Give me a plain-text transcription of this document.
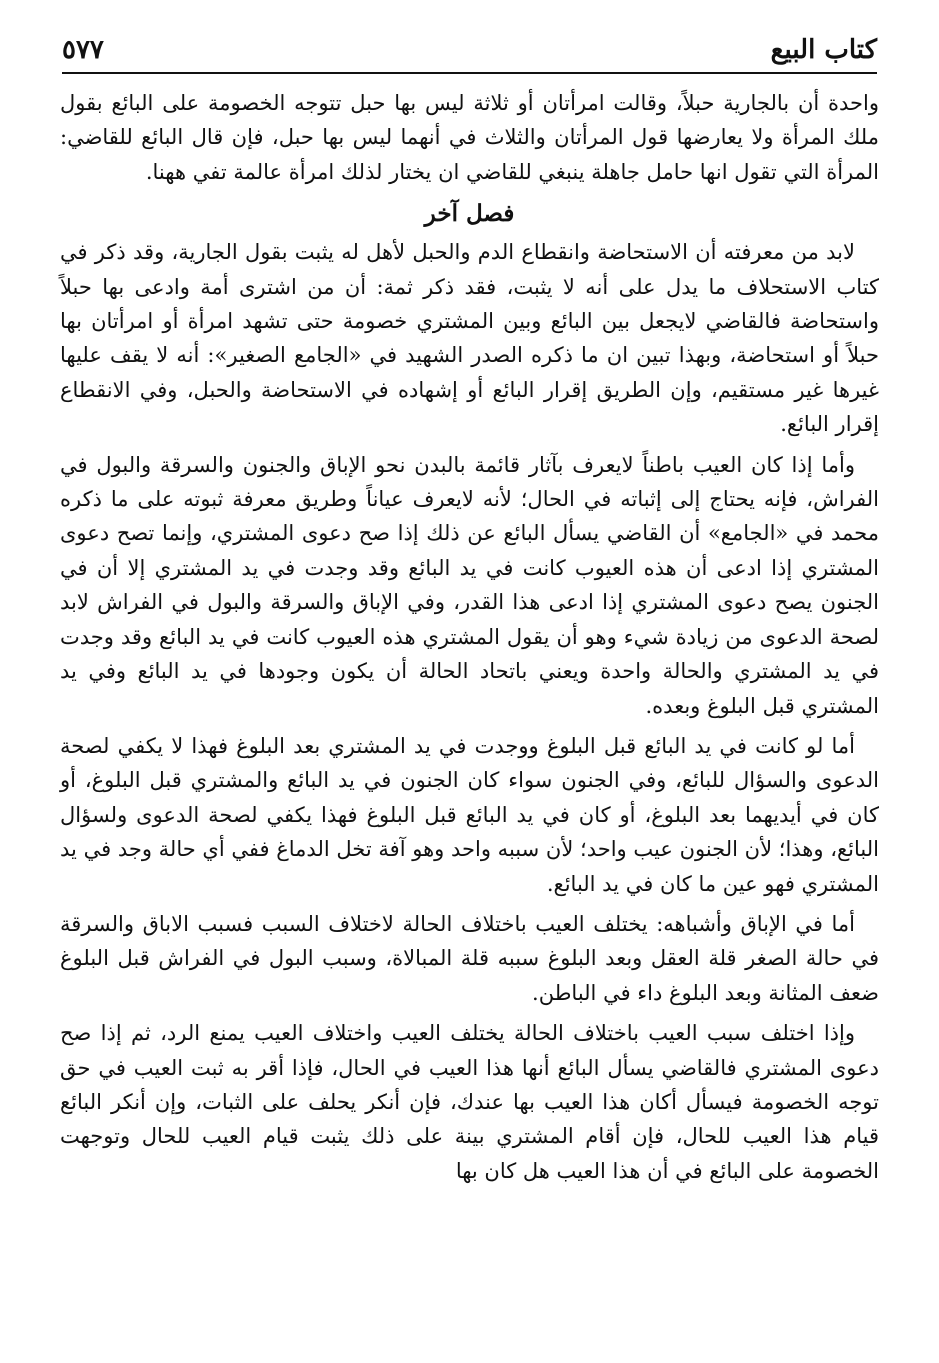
كتاب البيع
٥٧٧

واحدة أن بالجارية حبلاً، وقالت امرأتان أو ثلاثة ليس بها حبل تتوجه الخصومة على البائع بقول ملك المرأة ولا يعارضها قول المرأتان والثلاث في أنهما ليس بها حبل، فإن قال البائع للقاضي: المرأة التي تقول انها حامل جاهلة ينبغي للقاضي ان يختار لذلك امرأة عالمة تفي ههنا.

فصل آخر

لابد من معرفته أن الاستحاضة وانقطاع الدم والحبل لأهل له يثبت بقول الجارية، وقد ذكر في كتاب الاستحلاف ما يدل على أنه لا يثبت، فقد ذكر ثمة: أن من اشترى أمة وادعى بها حبلاً واستحاضة فالقاضي لايجعل بين البائع وبين المشتري خصومة حتى تشهد امرأة أو امرأتان بها حبلاً أو استحاضة، وبهذا تبين ان ما ذكره الصدر الشهيد في «الجامع الصغير»: أنه لا يقف عليها غيرها غير مستقيم، وإن الطريق إقرار البائع أو إشهاده في الاستحاضة والحبل، وفي الانقطاع إقرار البائع.

وأما إذا كان العيب باطناً لايعرف بآثار قائمة بالبدن نحو الإباق والجنون والسرقة والبول في الفراش، فإنه يحتاج إلى إثباته في الحال؛ لأنه لايعرف عياناً وطريق معرفة ثبوته على ما ذكره محمد في «الجامع» أن القاضي يسأل البائع عن ذلك إذا صح دعوى المشتري، وإنما تصح دعوى المشتري إذا ادعى أن هذه العيوب كانت في يد البائع وقد وجدت في يد المشتري إلا أن في الجنون يصح دعوى المشتري إذا ادعى هذا القدر، وفي الإباق والسرقة والبول في الفراش لابد لصحة الدعوى من زيادة شيء وهو أن يقول المشتري هذه العيوب كانت في يد البائع وقد وجدت في يد المشتري والحالة واحدة ويعني باتحاد الحالة أن يكون وجودها في يد البائع وفي يد المشتري قبل البلوغ وبعده.

أما لو كانت في يد البائع قبل البلوغ ووجدت في يد المشتري بعد البلوغ فهذا لا يكفي لصحة الدعوى والسؤال للبائع، وفي الجنون سواء كان الجنون في يد البائع والمشتري قبل البلوغ، أو كان في أيديهما بعد البلوغ، أو كان في يد البائع قبل البلوغ فهذا يكفي لصحة الدعوى ولسؤال البائع، وهذا؛ لأن الجنون عيب واحد؛ لأن سببه واحد وهو آفة تخل الدماغ ففي أي حالة وجد في يد المشتري فهو عين ما كان في يد البائع.

أما في الإباق وأشباهه: يختلف العيب باختلاف الحالة لاختلاف السبب فسبب الاباق والسرقة في حالة الصغر قلة العقل وبعد البلوغ سببه قلة المبالاة، وسبب البول في الفراش قبل البلوغ ضعف المثانة وبعد البلوغ داء في الباطن.

وإذا اختلف سبب العيب باختلاف الحالة يختلف العيب واختلاف العيب يمنع الرد، ثم إذا صح دعوى المشتري فالقاضي يسأل البائع أنها هذا العيب في الحال، فإذا أقر به ثبت العيب في حق توجه الخصومة فيسأل أكان هذا العيب بها عندك، فإن أنكر يحلف على الثبات، وإن أنكر البائع قيام هذا العيب للحال، فإن أقام المشتري بينة على ذلك يثبت قيام العيب للحال وتوجهت الخصومة على البائع في أن هذا العيب هل كان بها
